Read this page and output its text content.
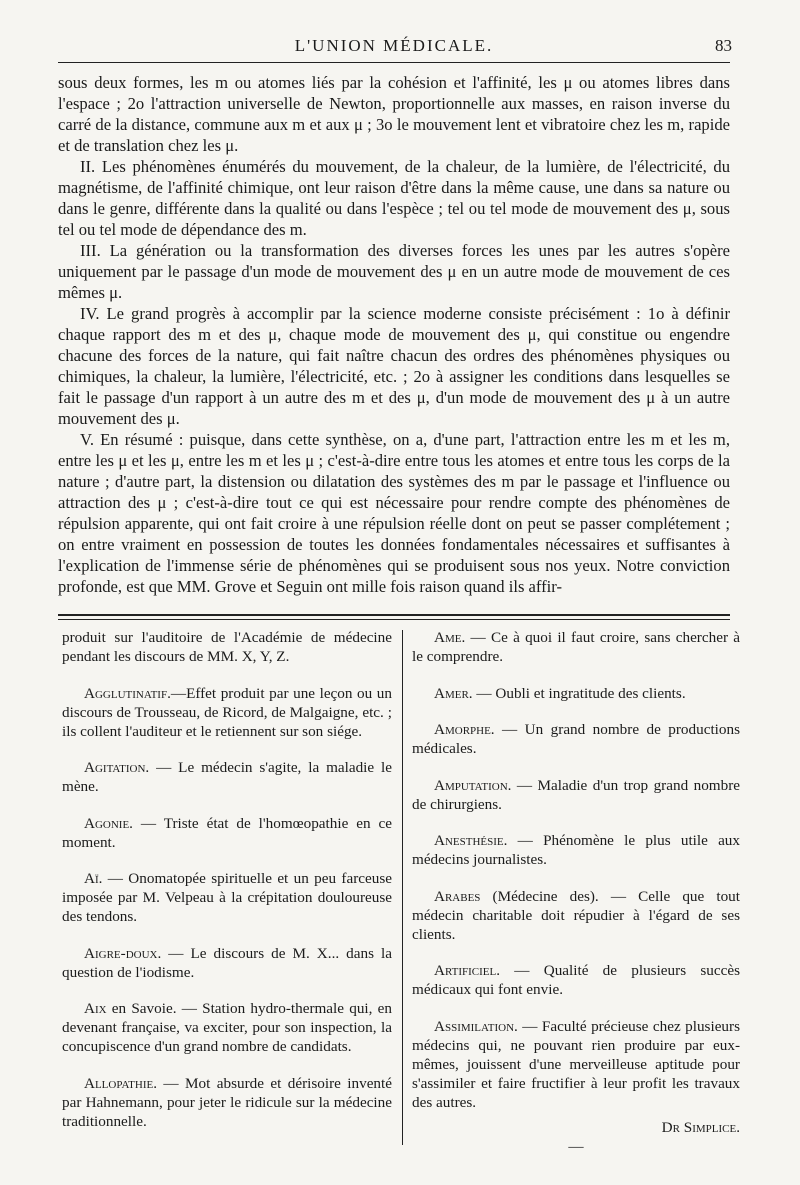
L'UNION MÉDICALE.	83

sous deux formes, les m ou atomes liés par la cohésion et l'affinité, les μ ou atomes libres dans l'espace ; 2o l'attraction universelle de Newton, proportionnelle aux masses, en raison inverse du carré de la distance, commune aux m et aux μ ; 3o le mouvement lent et vibratoire chez les m, rapide et de translation chez les μ.

II. Les phénomènes énumérés du mouvement, de la chaleur, de la lumière, de l'électricité, du magnétisme, de l'affinité chimique, ont leur raison d'être dans la même cause, une dans sa nature ou dans le genre, différente dans la qualité ou dans l'espèce ; tel ou tel mode de mouvement des μ, sous tel ou tel mode de dépendance des m.

III. La génération ou la transformation des diverses forces les unes par les autres s'opère uniquement par le passage d'un mode de mouvement des μ en un autre mode de mouvement de ces mêmes μ.

IV. Le grand progrès à accomplir par la science moderne consiste précisément : 1o à définir chaque rapport des m et des μ, chaque mode de mouvement des μ, qui constitue ou engendre chacune des forces de la nature, qui fait naître chacun des ordres des phénomènes physiques ou chimiques, la chaleur, la lumière, l'électricité, etc. ; 2o à assigner les conditions dans lesquelles se fait le passage d'un rapport à un autre des m et des μ, d'un mode de mouvement des μ à un autre mouvement des μ.

V. En résumé : puisque, dans cette synthèse, on a, d'une part, l'attraction entre les m et les m, entre les μ et les μ, entre les m et les μ ; c'est-à-dire entre tous les atomes et entre tous les corps de la nature ; d'autre part, la distension ou dilatation des systèmes des m par le passage et l'influence ou attraction des μ ; c'est-à-dire tout ce qui est nécessaire pour rendre compte des phénomènes de répulsion apparente, qui ont fait croire à une répulsion réelle dont on peut se passer complétement ; on entre vraiment en possession de toutes les données fondamentales nécessaires et suffisantes à l'explication de l'immense série de phénomènes qui se produisent sous nos yeux. Notre conviction profonde, est que MM. Grove et Seguin ont mille fois raison quand ils affir-

produit sur l'auditoire de l'Académie de médecine pendant les discours de MM. X, Y, Z.

Agglutinatif.—Effet produit par une leçon ou un discours de Trousseau, de Ricord, de Malgaigne, etc. ; ils collent l'auditeur et le retiennent sur son siége.

Agitation. — Le médecin s'agite, la maladie le mène.

Agonie. — Triste état de l'homœopathie en ce moment.

Aï. — Onomatopée spirituelle et un peu farceuse imposée par M. Velpeau à la crépitation douloureuse des tendons.

Aigre-doux. — Le discours de M. X... dans la question de l'iodisme.

Aix en Savoie. — Station hydro-thermale qui, en devenant française, va exciter, pour son inspection, la concupiscence d'un grand nombre de candidats.

Allopathie. — Mot absurde et dérisoire inventé par Hahnemann, pour jeter le ridicule sur la médecine traditionnelle.

Ame. — Ce à quoi il faut croire, sans chercher à le comprendre.

Amer. — Oubli et ingratitude des clients.

Amorphe. — Un grand nombre de productions médicales.

Amputation. — Maladie d'un trop grand nombre de chirurgiens.

Anesthésie. — Phénomène le plus utile aux médecins journalistes.

Arabes (Médecine des). — Celle que tout médecin charitable doit répudier à l'égard de ses clients.

Artificiel. — Qualité de plusieurs succès médicaux qui font envie.

Assimilation. — Faculté précieuse chez plusieurs médecins qui, ne pouvant rien produire par eux-mêmes, jouissent d'une merveilleuse aptitude pour s'assimiler et faire fructifier à leur profit les travaux des autres.

Dr Simplice.
—
